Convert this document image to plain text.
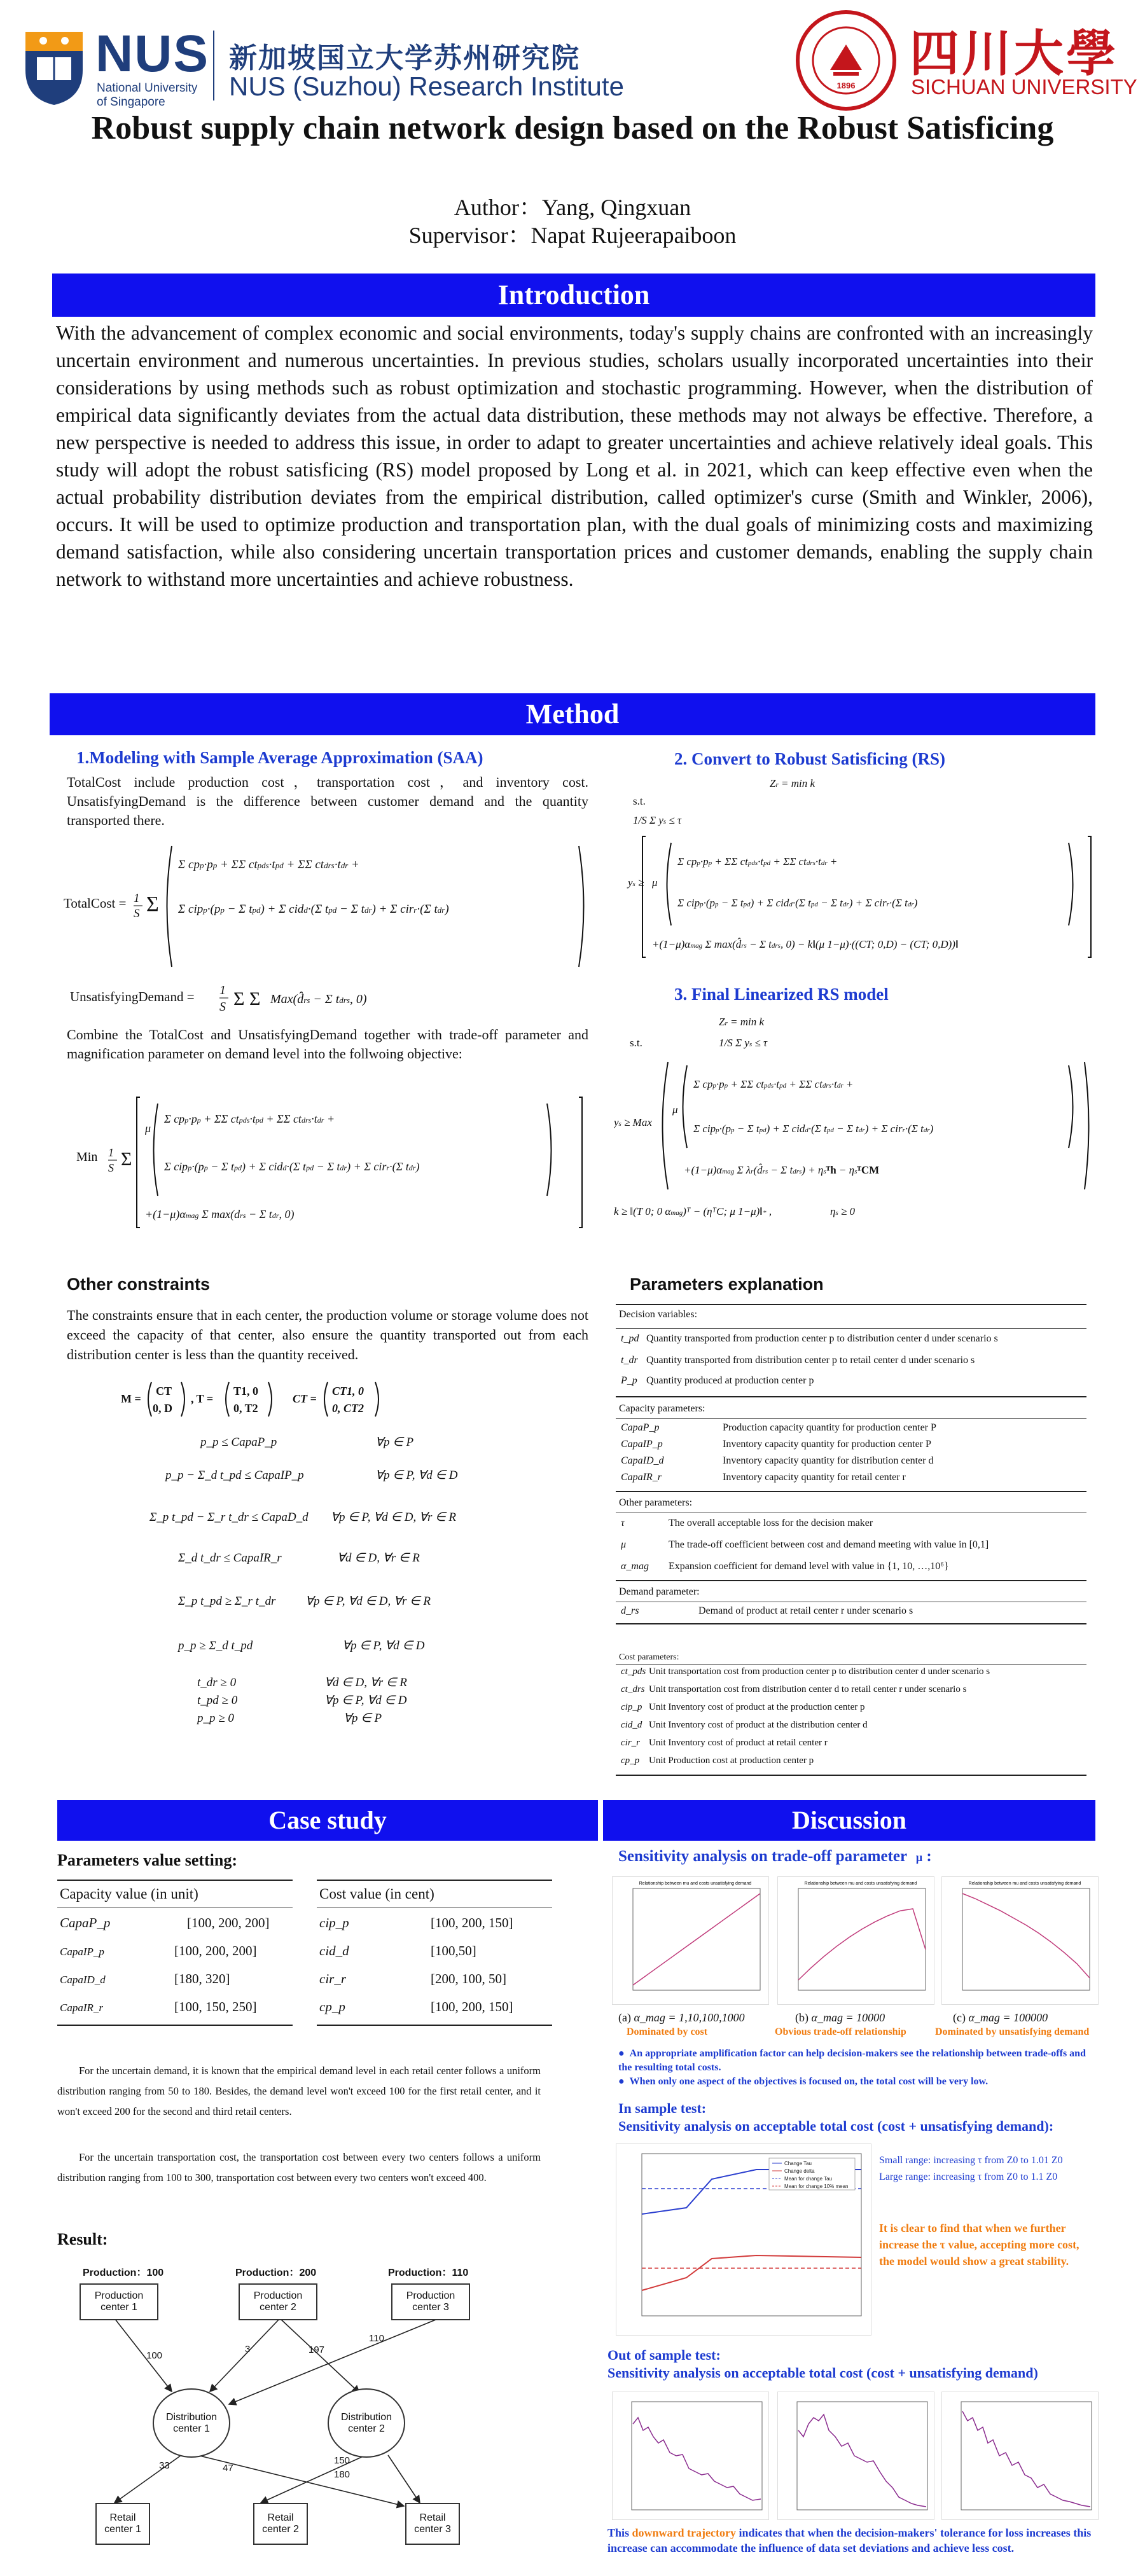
NUS
National University
of Singapore
新加坡国立大学苏州研究院
NUS (Suzhou) Research Institute	1896
四川大學
SICHUAN UNIVERSITY
Robust supply chain network design based on the Robust Satisficing
Author：Yang, Qingxuan
Supervisor：Napat Rujeerapaiboon
Introduction
With the advancement of complex economic and social environments, today's supply chains are confronted with an increasingly uncertain environment and numerous uncertainties. In previous studies, scholars usually incorporated uncertainties into their considerations by using methods such as robust optimization and stochastic programming. However, when the distribution of empirical data significantly deviates from the actual data distribution, these methods may not always be effective. Therefore, a new perspective is needed to address this issue, in order to adapt to greater uncertainties and achieve relatively ideal goals. This study will adopt the robust satisficing (RS) model proposed by Long et al. in 2021, which can keep effective even when the actual probability distribution deviates from the empirical distribution, called optimizer's curse (Smith and Winkler, 2006), occurs. It will be used to optimize production and transportation plan, with the dual goals of minimizing costs and maximizing demand satisfaction, while also considering uncertain transportation prices and customer demands, enabling the supply chain network to withstand more uncertainties and achieve robustness.
Method
1.Modeling with Sample Average Approximation (SAA)
TotalCost include production cost，transportation cost，and inventory cost. UnsatisfyingDemand is the difference between customer demand and the quantity transported there.
TotalCost = 1
S Σ
Σ cpp·pp + ΣΣ ctpds·tpd + ΣΣ ctdrs·tdr +
Σ cipp·(pp − Σ tpd) + Σ cidd·(Σ tpd − Σ tdr) + Σ cirr·(Σ tdr)
UnsatisfyingDemand = 1
S Σ Σ Max(d̂rs − Σ tdrs, 0)
Combine the TotalCost and UnsatisfyingDemand together with trade-off parameter and magnification parameter on demand level into the follwoing objective:
Min 1
S Σ
μ
Σ cpp·pp + ΣΣ ctpds·tpd + ΣΣ ctdrs·tdr +
Σ cipp·(pp − Σ tpd) + Σ cidd·(Σ tpd − Σ tdr) + Σ cirr·(Σ tdr)
+(1−μ)αmag Σ max(drs − Σ tdr, 0)
2. Convert to Robust Satisficing (RS)
Zr = min k
s.t.
1/S Σ ys ≤ τ
ys ≥ μ
Σ cpp·pp + ΣΣ ctpds·tpd + ΣΣ ctdrs·tdr +
Σ cipp·(pp − Σ tpd) + Σ cidd·(Σ tpd − Σ tdr) + Σ cirr·(Σ tdr)
+(1−μ)αmag Σ max(d̂rs − Σ tdrs, 0) − k‖(μ 1−μ)·((CT; 0,D) − (CT; 0,D))‖
3. Final Linearized RS model
Zr = min k
s.t.	1/S Σ ys ≤ τ
ys ≥ Max
μ
Σ cpp·pp + ΣΣ ctpds·tpd + ΣΣ ctdrs·tdr +
Σ cipp·(pp − Σ tpd) + Σ cidd·(Σ tpd − Σ tdr) + Σ cirr·(Σ tdr)
+(1−μ)αmag Σ λr(d̂rs − Σ tdrs) + ηsᵀh − ηsᵀCM
k ≥ ‖(T 0; 0 αmag)ᵀ − (ηᵀC; μ 1−μ)‖* ,	ηs ≥ 0
Other constraints
The constraints ensure that in each center, the production volume or storage volume does not exceed the capacity of that center, also ensure the quantity transported out from each distribution center is less than the quantity received.
M =
CT
0, D
, T =
T1, 0
0, T2
CT =
CT1, 0
0, CT2
p_p ≤ CapaP_p	∀p ∈ P
p_p − Σ_d t_pd ≤ CapaIP_p	∀p ∈ P, ∀d ∈ D
Σ_p t_pd − Σ_r t_dr ≤ CapaD_d ∀p ∈ P, ∀d ∈ D, ∀r ∈ R
Σ_d t_dr ≤ CapaIR_r	∀d ∈ D, ∀r ∈ R
Σ_p t_pd ≥ Σ_r t_dr ∀p ∈ P, ∀d ∈ D, ∀r ∈ R
p_p ≥ Σ_d t_pd	∀p ∈ P, ∀d ∈ D
t_dr ≥ 0	∀d ∈ D, ∀r ∈ R
t_pd ≥ 0	∀p ∈ P, ∀d ∈ D
p_p ≥ 0	∀p ∈ P
Parameters explanation
Decision variables:
t_pd Quantity transported from production center p to distribution center d under scenario s
t_dr Quantity transported from distribution center p to retail center d under scenario s
P_p Quantity produced at production center p
Capacity parameters:
CapaP_p	Production capacity quantity for production center P
CapaIP_p	Inventory capacity quantity for production center P
CapaID_d	Inventory capacity quantity for distribution center d
CapaIR_r	Inventory capacity quantity for retail center r
Other parameters:
τ	The overall acceptable loss for the decision maker
μ	The trade-off coefficient between cost and demand meeting with value in [0,1]
α_mag Expansion coefficient for demand level with value in {1, 10, …,10⁶}
Demand parameter:
d_rs	Demand of product at retail center r under scenario s
Cost parameters:
ct_pds Unit transportation cost from production center p to distribution center d under scenario s
ct_drs Unit transportation cost from distribution center d to retail center r under scenario s
cip_p Unit Inventory cost of product at the production center p
cid_d Unit Inventory cost of product at the distribution center d
cir_r Unit Inventory cost of product at retail center r
cp_p Unit Production cost at production center p
Case study
Parameters value setting:
Capacity value (in unit)
CapaP_p	[100, 200, 200]
CapaIP_p	[100, 200, 200]
CapaID_d	[180, 320]
CapaIR_r	[100, 150, 250]
Cost value (in cent)
cip_p	[100, 200, 150]
cid_d	[100,50]
cir_r	[200, 100, 50]
cp_p	[100, 200, 150]
For the uncertain demand, it is known that the empirical demand level in each retail center follows a uniform distribution ranging from 50 to 180. Besides, the demand level won't exceed 100 for the first retail center, and it won't exceed 200 for the second and third retail centers.
For the uncertain transportation cost, the transportation cost between every two centers follows a uniform distribution ranging from 100 to 300, transportation cost between every two centers won't exceed 400.
Result:
Production：100	Production：200	Production：110
Production center 1
Production center 2
Production center 3
Distribution center 1
Distribution center 2
Retail center 1
Retail center 2
Retail center 3
100
3	197
110
33	47
150
180
Discussion
Sensitivity analysis on trade-off parameter μ :
Relationship between mu and costs unsatisfying demand	Relationship between mu and costs unsatisfying demand	Relationship between mu and costs unsatisfying demand
(a) α_mag = 1,10,100,1000	(b) α_mag = 10000	(c) α_mag = 100000
Dominated by cost	Obvious trade-off relationship	Dominated by unsatisfying demand
●  An appropriate amplification factor can help decision-makers see the relationship between trade-offs and the resulting total costs.
●  When only one aspect of the objectives is focused on, the total cost will be very low.
In sample test:
Sensitivity analysis on acceptable total cost (cost + unsatisfying demand):
Change Tau
Change delta
Mean for change Tau
Mean for change 10% mean
Small range: increasing τ from Z0 to 1.01 Z0
Large range: increasing τ from Z0 to 1.1 Z0
It is clear to find that when we further increase the τ value, accepting more cost, the model would show a great stability.
Out of sample test:
Sensitivity analysis on acceptable total cost (cost + unsatisfying demand)
This downward trajectory indicates that when the decision-makers' tolerance for loss increases this increase can accommodate the influence of data set deviations and achieve less cost.
